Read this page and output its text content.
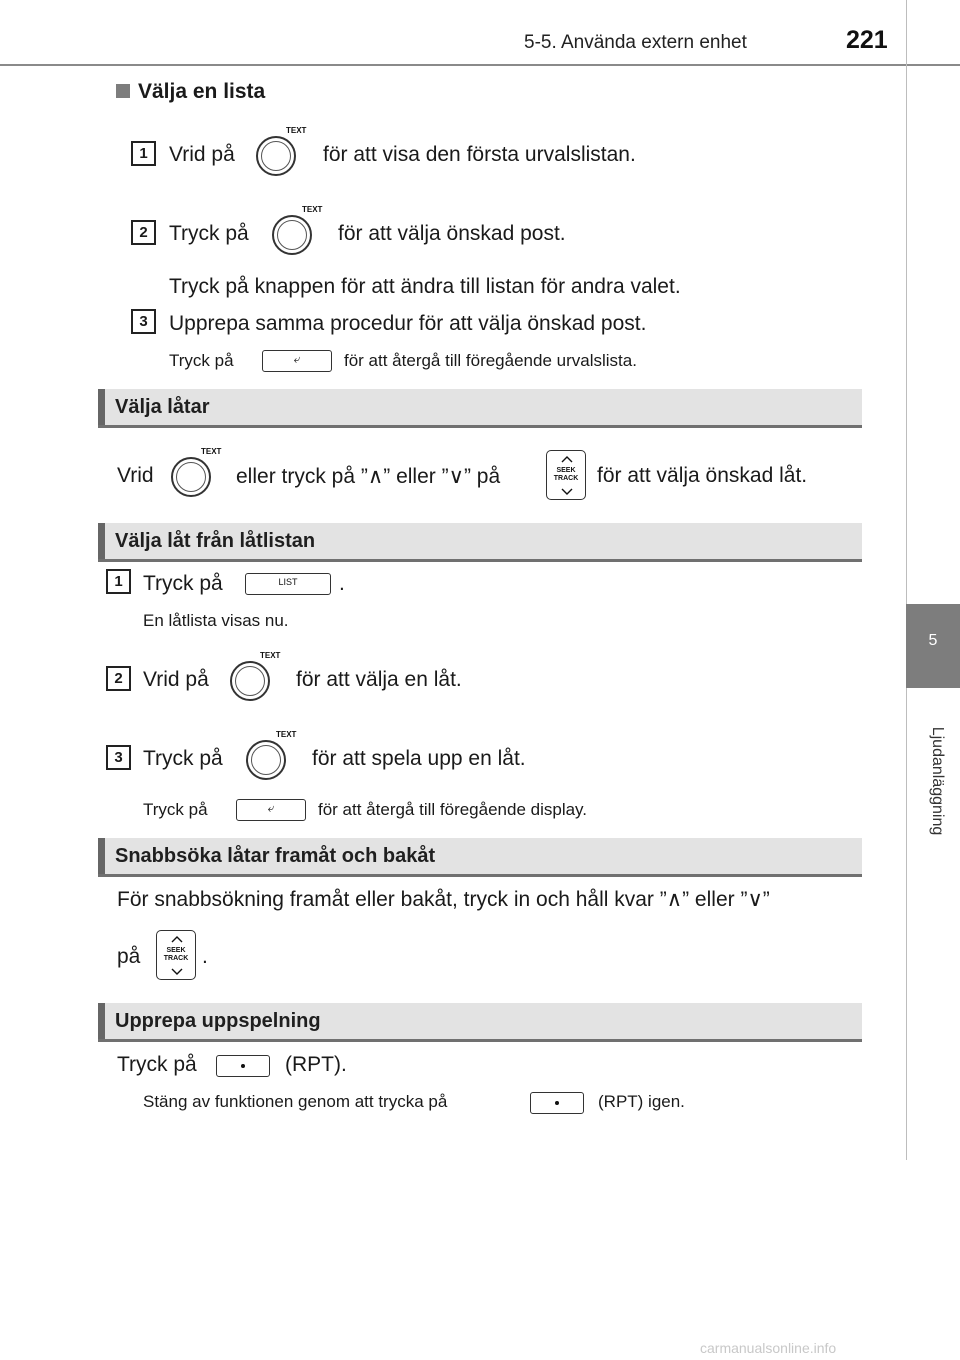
5-5. Använda extern enhet	221
5
Ljudanläggning
Välja en lista
1	Vrid på
TEXT
för att visa den första urvalslistan.
2	Tryck på
TEXT
för att välja önskad post.
Tryck på knappen för att ändra till listan för andra valet.
3	Upprepa samma procedur för att välja önskad post.
Tryck på	⤶	för att återgå till föregående urvalslista.
Välja låtar
Vrid
TEXT
eller tryck på ”∧” eller ”∨” på	SEEK
TRACK för att välja önskad låt.
Välja låt från låtlistan
1 Tryck på	LIST	.
En låtlista visas nu.
2 Vrid på
TEXT
för att välja en låt.
3 Tryck på
TEXT
för att spela upp en låt.
Tryck på	⤶	för att återgå till föregående display.
Snabbsöka låtar framåt och bakåt
För snabbsökning framåt eller bakåt, tryck in och håll kvar ”∧” eller ”∨”
på	SEEK
TRACK .
Upprepa uppspelning
Tryck på	(RPT).
Stäng av funktionen genom att trycka på	(RPT) igen.
carmanualsonline.info
